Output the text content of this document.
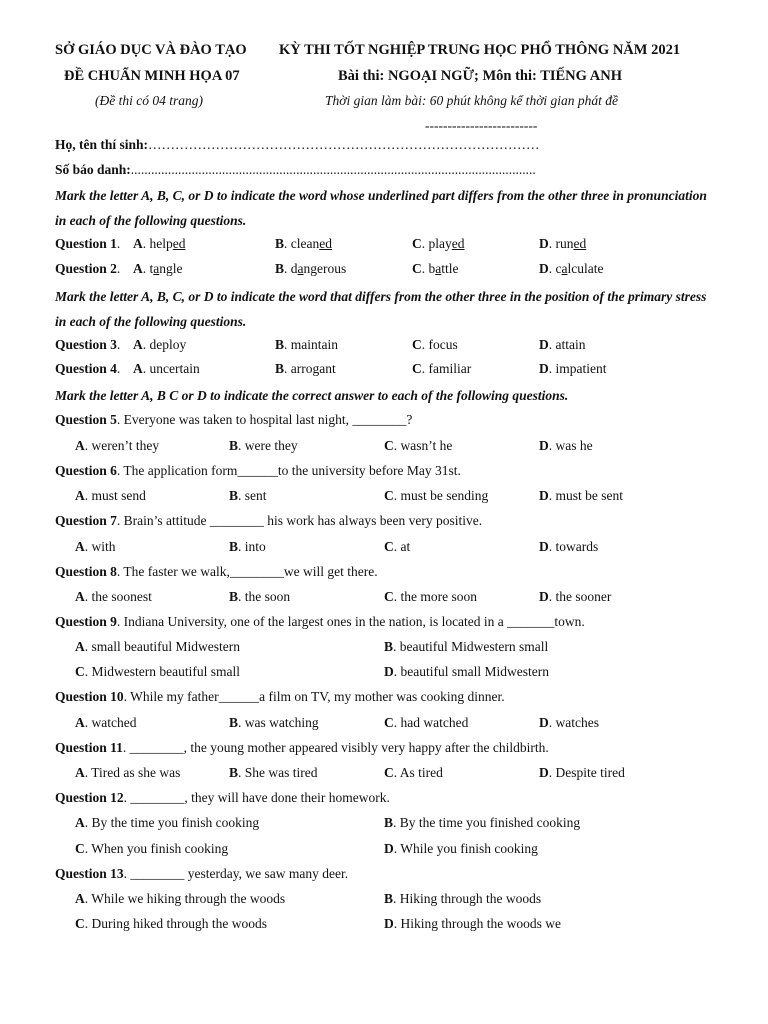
SỞ GIÁO DỤC VÀ ĐÀO TẠO KỲ THI TỐT NGHIỆP TRUNG HỌC PHỔ THÔNG NĂM 2021
ĐỀ CHUẨN MINH HỌA 07	Bài thi: NGOẠI NGỮ; Môn thi: TIẾNG ANH
(Đề thi có 04 trang)	Thời gian làm bài: 60 phút không kể thời gian phát đề
-------------------------
Họ, tên thí sinh:……………………………………………………………………………
Số báo danh:........................................................................................................................
Mark the letter A, B, C, or D to indicate the word whose underlined part differs from the other three in pronunciation in each of the following questions.
Question 1. A. helped	B. cleaned	C. played	D. runed
Question 2. A. tangle	B. dangerous	C. battle	D. calculate
Mark the letter A, B, C, or D to indicate the word that differs from the other three in the position of the primary stress in each of the following questions.
Question 3. A. deploy	B. maintain	C. focus	D. attain
Question 4. A. uncertain	B. arrogant	C. familiar	D. impatient
Mark the letter A, B C or D to indicate the correct answer to each of the following questions.
Question 5. Everyone was taken to hospital last night, ________?
A. weren’t they	B. were they	C. wasn’t he	D. was he
Question 6. The application form______to the university before May 31st.
A. must send	B. sent	C. must be sending	D. must be sent
Question 7. Brain’s attitude ________ his work has always been very positive.
A. with	B. into	C. at	D. towards
Question 8. The faster we walk,________we will get there.
A. the soonest	B. the soon	C. the more soon	D. the sooner
Question 9. Indiana University, one of the largest ones in the nation, is located in a _______town.
A. small beautiful Midwestern	B. beautiful Midwestern small
C. Midwestern beautiful small	D. beautiful small Midwestern
Question 10. While my father______a film on TV, my mother was cooking dinner.
A. watched	B. was watching	C. had watched	D. watches
Question 11. ________, the young mother appeared visibly very happy after the childbirth.
A. Tired as she was	B. She was tired	C. As tired	D. Despite tired
Question 12. ________, they will have done their homework.
A. By the time you finish cooking	B. By the time you finished cooking
C. When you finish cooking	D. While you finish cooking
Question 13. ________ yesterday, we saw many deer.
A. While we hiking through the woods	B. Hiking through the woods
C. During hiked through the woods	D. Hiking through the woods we
